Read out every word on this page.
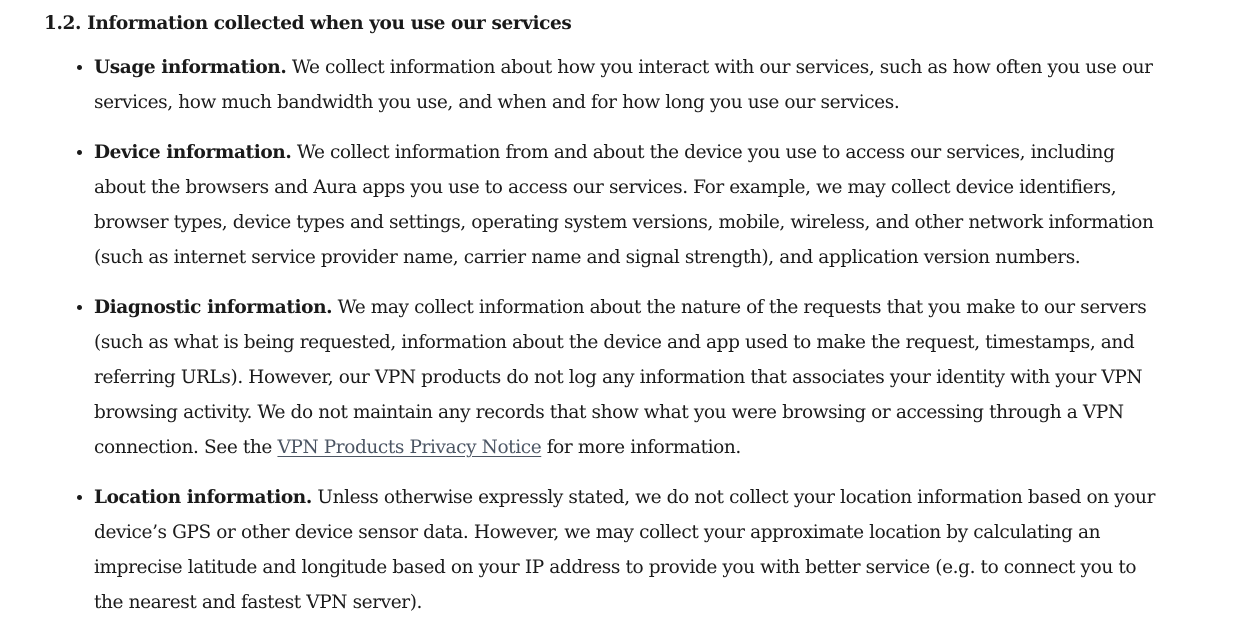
1.2. Information collected when you use our services
Usage information. We collect information about how you interact with our services, such as how often you use our services, how much bandwidth you use, and when and for how long you use our services.
Device information. We collect information from and about the device you use to access our services, including about the browsers and Aura apps you use to access our services. For example, we may collect device identifiers, browser types, device types and settings, operating system versions, mobile, wireless, and other network information (such as internet service provider name, carrier name and signal strength), and application version numbers.
Diagnostic information. We may collect information about the nature of the requests that you make to our servers (such as what is being requested, information about the device and app used to make the request, timestamps, and referring URLs). However, our VPN products do not log any information that associates your identity with your VPN browsing activity. We do not maintain any records that show what you were browsing or accessing through a VPN connection. See the VPN Products Privacy Notice for more information.
Location information. Unless otherwise expressly stated, we do not collect your location information based on your device’s GPS or other device sensor data. However, we may collect your approximate location by calculating an imprecise latitude and longitude based on your IP address to provide you with better service (e.g. to connect you to the nearest and fastest VPN server).
